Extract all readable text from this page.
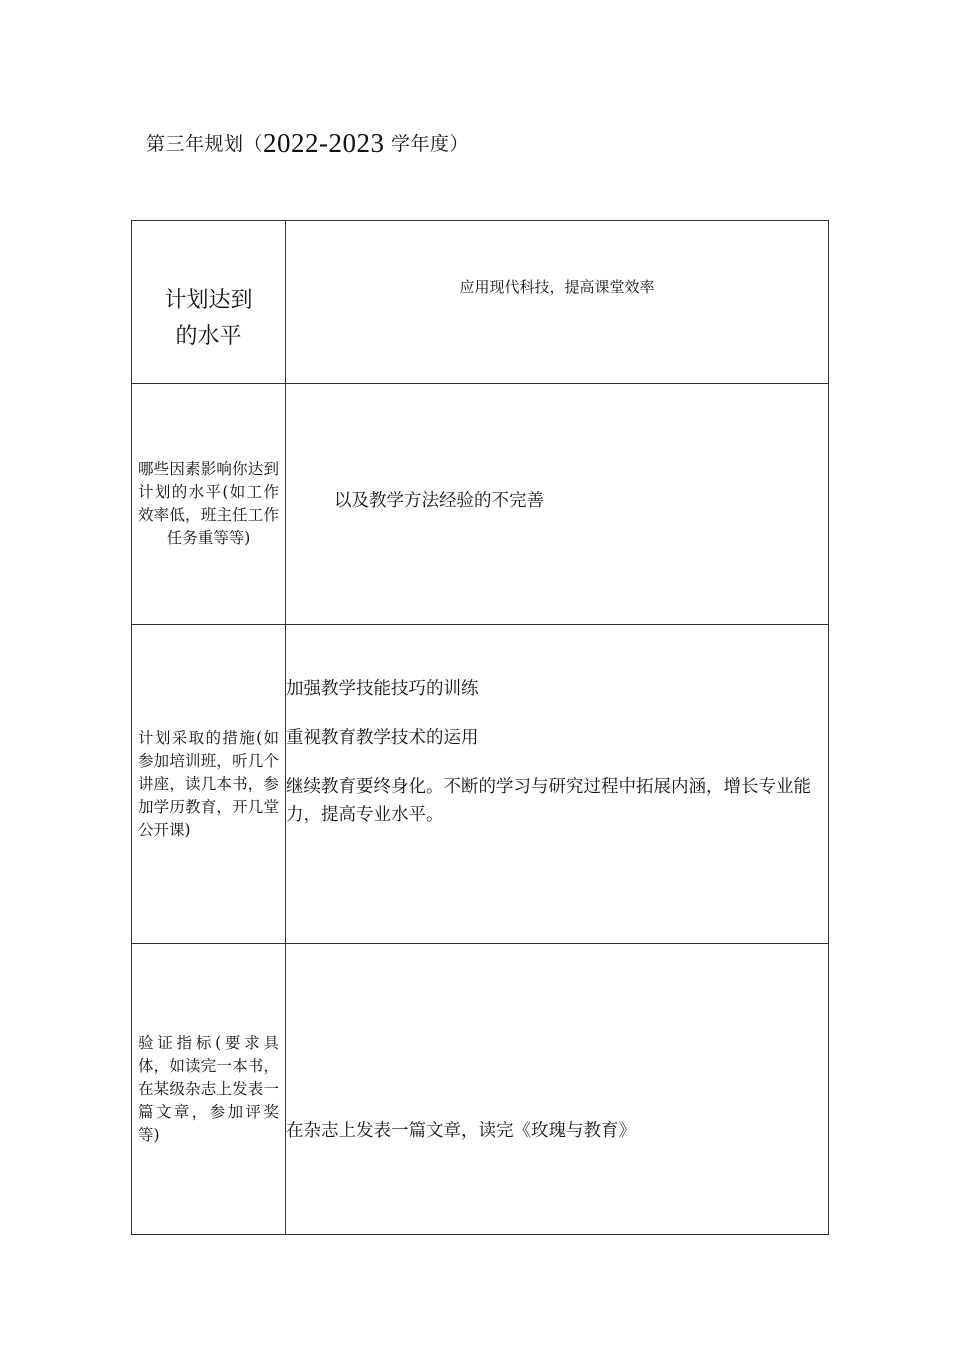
第三年规划（2022-2023 学年度）
计划达到
的水平	应用现代科技，提高课堂效率

哪些因素影响你达到计划的水平(如工作效率低，班主任工作任务重等等)	以及教学方法经验的不完善

计划采取的措施(如参加培训班，听几个讲座，读几本书，参加学历教育，开几堂公开课)	加强教学技能技巧的训练

重视教育教学技术的运用

继续教育要终身化。不断的学习与研究过程中拓展内涵，增长专业能力，提高专业水平。

验证指标(要求具体，如读完一本书，在某级杂志上发表一篇文章，参加评奖等)	在杂志上发表一篇文章，读完《玫瑰与教育》
